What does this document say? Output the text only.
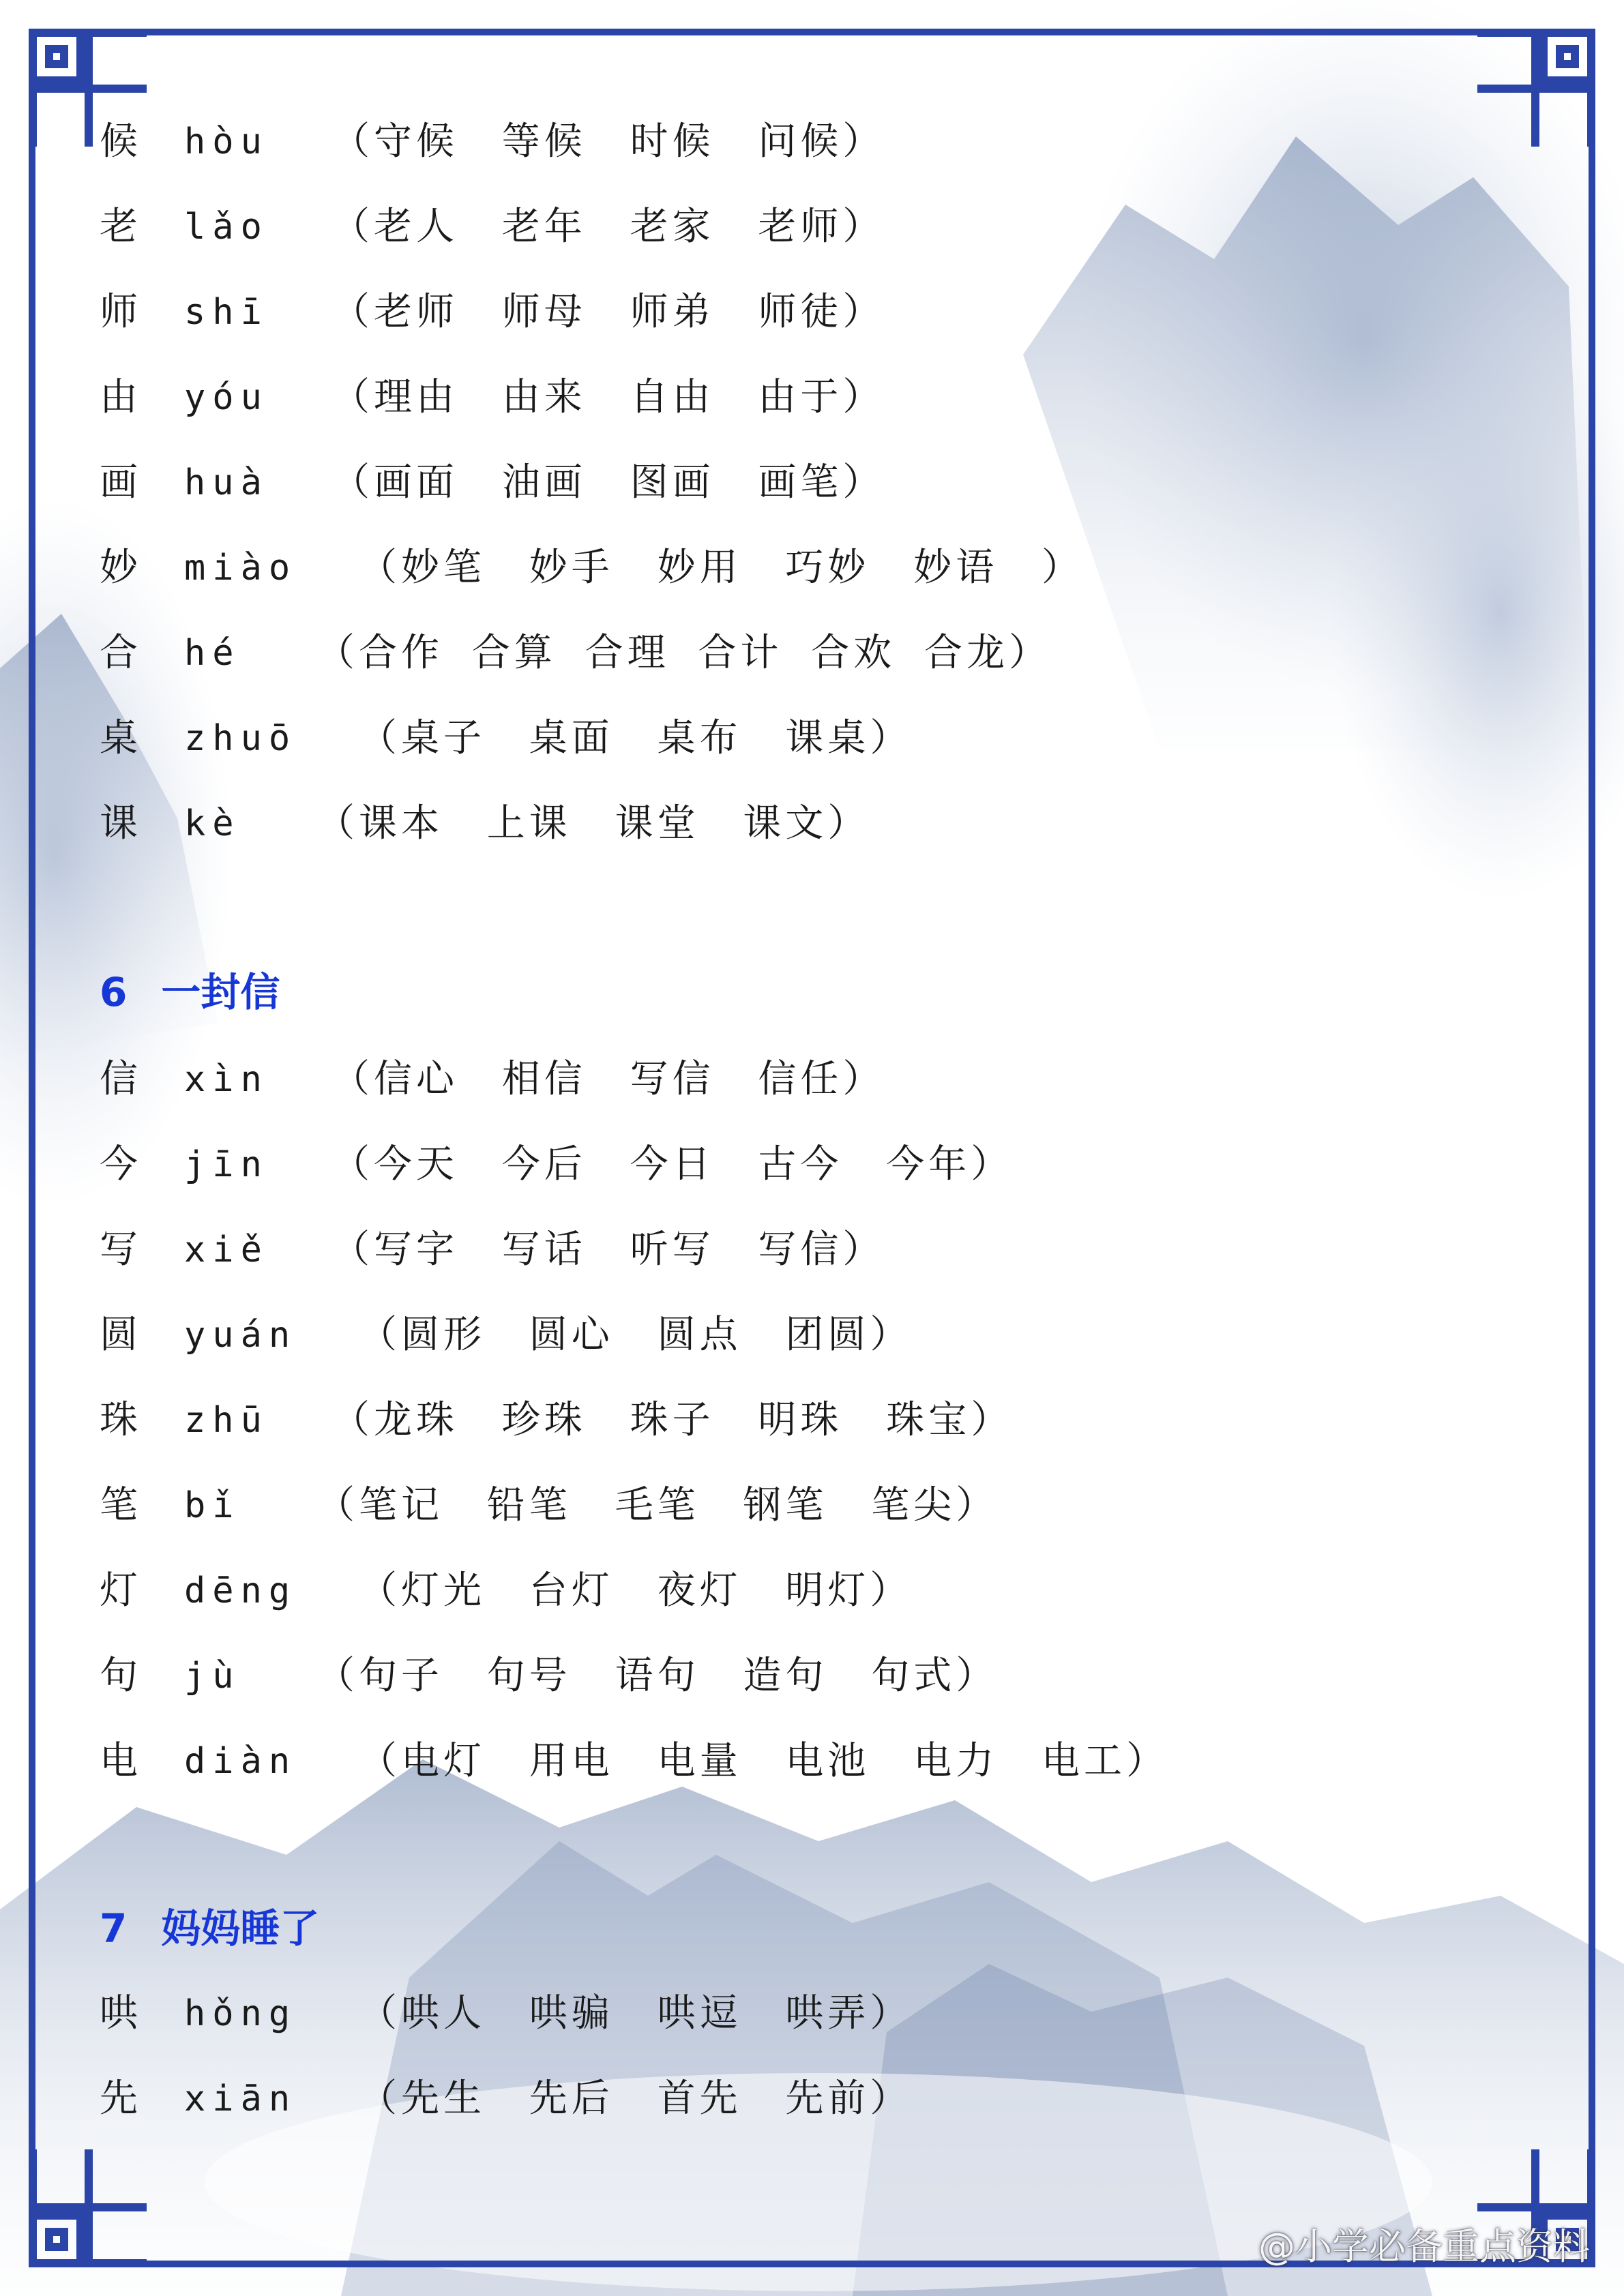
候 hòu （守候 等候 时候 问候）
老 lǎo （老人 老年 老家 老师）
师 shī （老师 师母 师弟 师徒）
由 yóu （理由 由来 自由 由于）
画 huà （画面 油画 图画 画笔）
妙 miào （妙笔 妙手 妙用 巧妙 妙语 ）
合 hé （合作 合算 合理 合计 合欢 合龙）
桌 zhuō （桌子 桌面 桌布 课桌）
课 kè （课本 上课 课堂 课文）
6 一封信
信 xìn （信心 相信 写信 信任）
今 jīn （今天 今后 今日 古今 今年）
写 xiě （写字 写话 听写 写信）
圆 yuán （圆形 圆心 圆点 团圆）
珠 zhū （龙珠 珍珠 珠子 明珠 珠宝）
笔 bǐ （笔记 铅笔 毛笔 钢笔 笔尖）
灯 dēng （灯光 台灯 夜灯 明灯）
句 jù （句子 句号 语句 造句 句式）
电 diàn （电灯 用电 电量 电池 电力 电工）
7 妈妈睡了
哄 hǒng （哄人 哄骗 哄逗 哄弄）
先 xiān （先生 先后 首先 先前）
@小学必备重点资料
